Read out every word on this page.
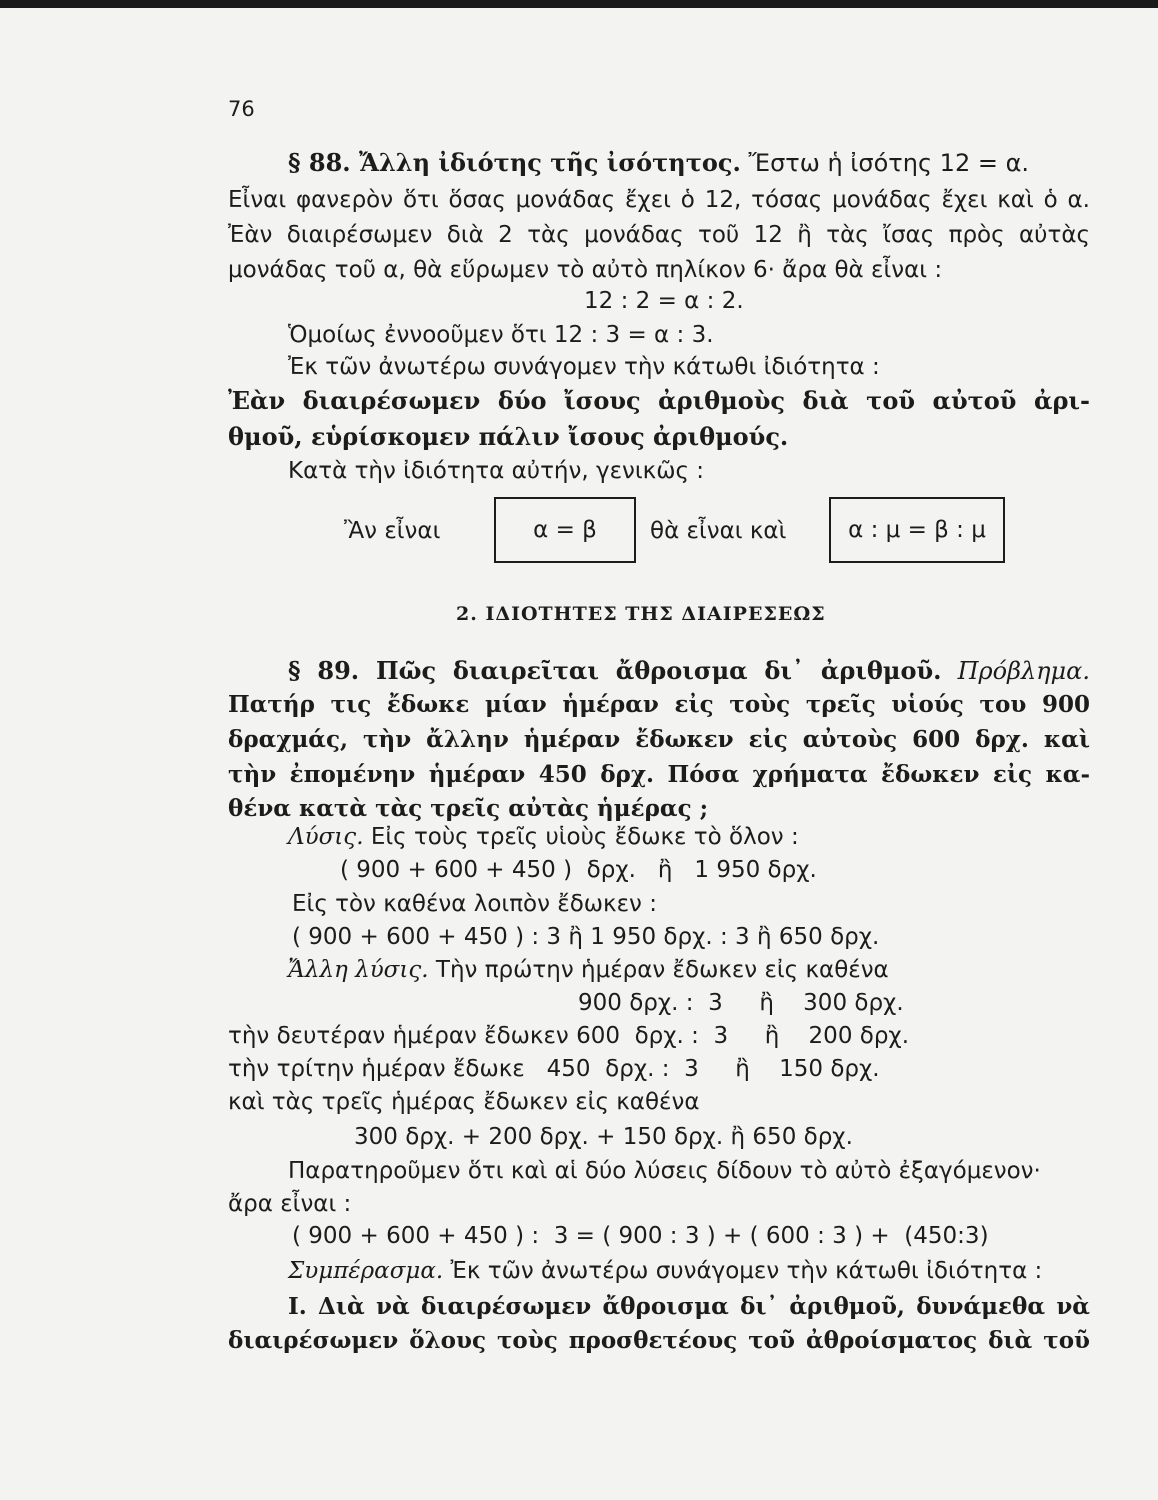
76
§ 88. Ἄλλη ἰδιότης τῆς ἰσότητος. Ἔστω ἡ ἰσότης 12 = α.
Εἶναι φανερὸν ὅτι ὅσας μονάδας ἔχει ὁ 12, τόσας μονάδας ἔχει καὶ ὁ α.
Ἐὰν διαιρέσωμεν διὰ 2 τὰς μονάδας τοῦ 12 ἢ τὰς ἴσας πρὸς αὐτὰς
μονάδας τοῦ α, θὰ εὕρωμεν τὸ αὐτὸ πηλίκον 6· ἄρα θὰ εἶναι :
12 : 2 = α : 2.
Ὁμοίως ἐννοοῦμεν ὅτι 12 : 3 = α : 3.
Ἐκ τῶν ἀνωτέρω συνάγομεν τὴν κάτωθι ἰδιότητα :
Ἐὰν διαιρέσωμεν δύο ἴσους ἀριθμοὺς διὰ τοῦ αὐτοῦ ἀρι-
θμοῦ, εὑρίσκομεν πάλιν ἴσους ἀριθμούς.
Κατὰ τὴν ἰδιότητα αὐτήν, γενικῶς :
Ἂν εἶναι	α = β	θὰ εἶναι καὶ	α : μ = β : μ
2. ΙΔΙΟΤΗΤΕΣ ΤΗΣ ΔΙΑΙΡΕΣΕΩΣ
§ 89. Πῶς διαιρεῖται ἄθροισμα δι᾽ ἀριθμοῦ. Πρόβλημα.
Πατήρ τις ἔδωκε μίαν ἡμέραν εἰς τοὺς τρεῖς υἱούς του 900
δραχμάς, τὴν ἄλλην ἡμέραν ἔδωκεν εἰς αὐτοὺς 600 δρχ. καὶ
τὴν ἐπομένην ἡμέραν 450 δρχ. Πόσα χρήματα ἔδωκεν εἰς κα-
θένα κατὰ τὰς τρεῖς αὐτὰς ἡμέρας ;
Λύσις. Εἰς τοὺς τρεῖς υἱοὺς ἔδωκε τὸ ὅλον :
( 900 + 600 + 450 )  δρχ.   ἢ   1 950 δρχ.
Εἰς τὸν καθένα λοιπὸν ἔδωκεν :
( 900 + 600 + 450 ) : 3 ἢ 1 950 δρχ. : 3 ἢ 650 δρχ.
Ἄλλη λύσις. Τὴν πρώτην ἡμέραν ἔδωκεν εἰς καθένα
900 δρχ. :  3     ἢ    300 δρχ.
τὴν δευτέραν ἡμέραν ἔδωκεν 600  δρχ. :  3     ἢ    200 δρχ.
τὴν τρίτην ἡμέραν ἔδωκε   450  δρχ. :  3     ἢ    150 δρχ.
καὶ τὰς τρεῖς ἡμέρας ἔδωκεν εἰς καθένα
300 δρχ. + 200 δρχ. + 150 δρχ. ἢ 650 δρχ.
Παρατηροῦμεν ὅτι καὶ αἱ δύο λύσεις δίδουν τὸ αὐτὸ ἐξαγόμενον·
ἄρα εἶναι :
( 900 + 600 + 450 ) :  3 = ( 900 : 3 ) + ( 600 : 3 ) +  (450:3)
Συμπέρασμα. Ἐκ τῶν ἀνωτέρω συνάγομεν τὴν κάτωθι ἰδιότητα :
Ι. Διὰ νὰ διαιρέσωμεν ἄθροισμα δι᾽ ἀριθμοῦ, δυνάμεθα νὰ
διαιρέσωμεν ὅλους τοὺς προσθετέους τοῦ ἀθροίσματος διὰ τοῦ
